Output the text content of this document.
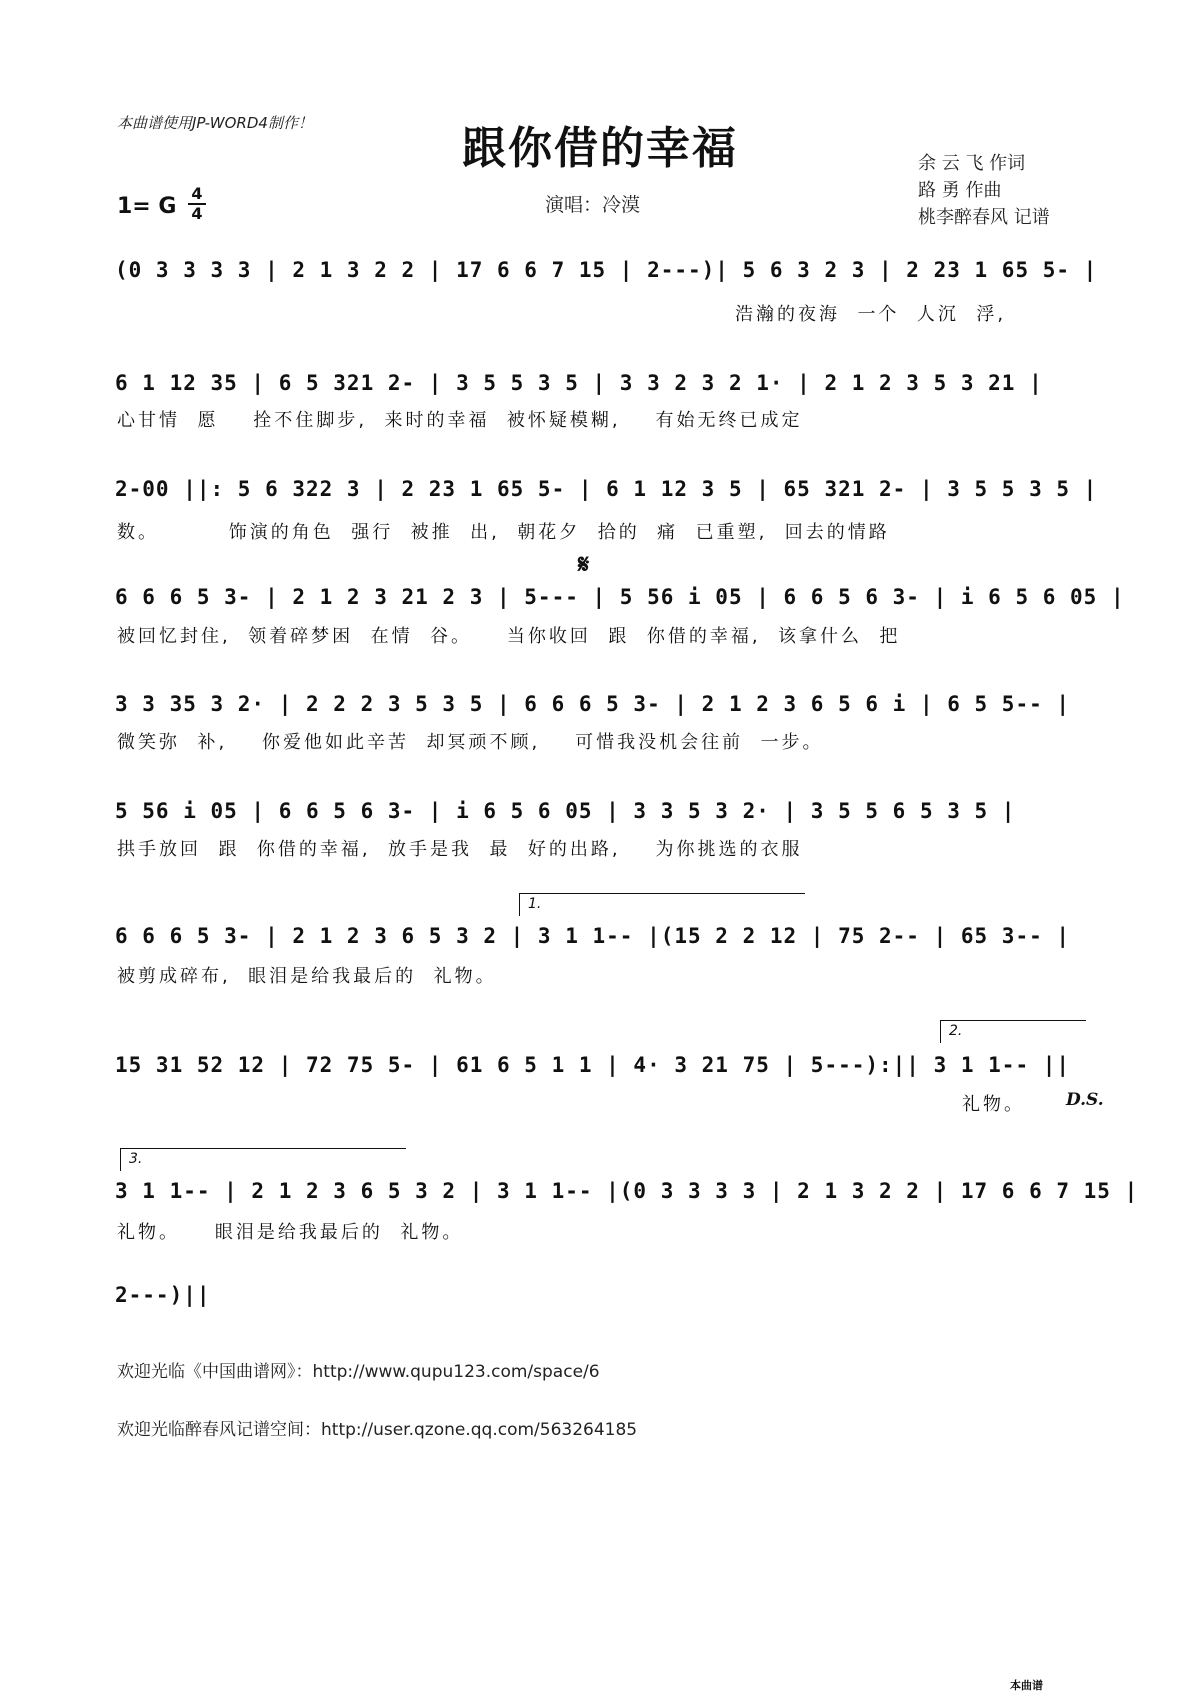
本曲谱使用JP-WORD4制作！	跟你借的幸福
演唱：冷漠
1= G
4
4
余 云 飞 作词
路 勇 作曲
桃李醉春风 记谱
(0 3 3 3 3 | 2 1 3 2 2 | 17 6 6 7 15 | 2---)| 5 6 3 2 3 | 2 23 1 65 5- |
浩瀚的夜海  一个  人沉  浮,
6 1 12 35 | 6 5 321 2- | 3 5 5 3 5 | 3 3 2 3 2 1· | 2 1 2 3 5 3 21 |
心甘情  愿    拴不住脚步,  来时的幸福  被怀疑模糊,    有始无终已成定
2-00 ||: 5 6 322 3 | 2 23 1 65 5- | 6 1 12 3 5 | 65 321 2- | 3 5 5 3 5 |
数。        饰演的角色  强行  被推  出,  朝花夕  拾的  痛  已重塑,  回去的情路
𝄋
6 6 6 5 3- | 2 1 2 3 21 2 3 | 5--- | 5 56 i 05 | 6 6 5 6 3- | i 6 5 6 05 |
被回忆封住,  领着碎梦困  在情  谷。    当你收回  跟  你借的幸福,  该拿什么  把
3 3 35 3 2· | 2 2 2 3 5 3 5 | 6 6 6 5 3- | 2 1 2 3 6 5 6 i | 6 5 5-- |
微笑弥  补,    你爱他如此辛苦  却冥顽不顾,    可惜我没机会往前  一步。
5 56 i 05 | 6 6 5 6 3- | i 6 5 6 05 | 3 3 5 3 2· | 3 5 5 6 5 3 5 |
拱手放回  跟  你借的幸福,  放手是我  最  好的出路,    为你挑选的衣服
1.
6 6 6 5 3- | 2 1 2 3 6 5 3 2 | 3 1 1-- |(15 2 2 12 | 75 2-- | 65 3-- |
被剪成碎布,  眼泪是给我最后的  礼物。
2.
15 31 52 12 | 72 75 5- | 61 6 5 1 1 | 4· 3 21 75 | 5---):|| 3 1 1-- ||
礼物。 D.S.
3.
3 1 1-- | 2 1 2 3 6 5 3 2 | 3 1 1-- |(0 3 3 3 3 | 2 1 3 2 2 | 17 6 6 7 15 |
礼物。    眼泪是给我最后的  礼物。
2---)||
欢迎光临《中国曲谱网》：http://www.qupu123.com/space/6
欢迎光临醉春风记谱空间：http://user.qzone.qq.com/563264185
本曲谱
